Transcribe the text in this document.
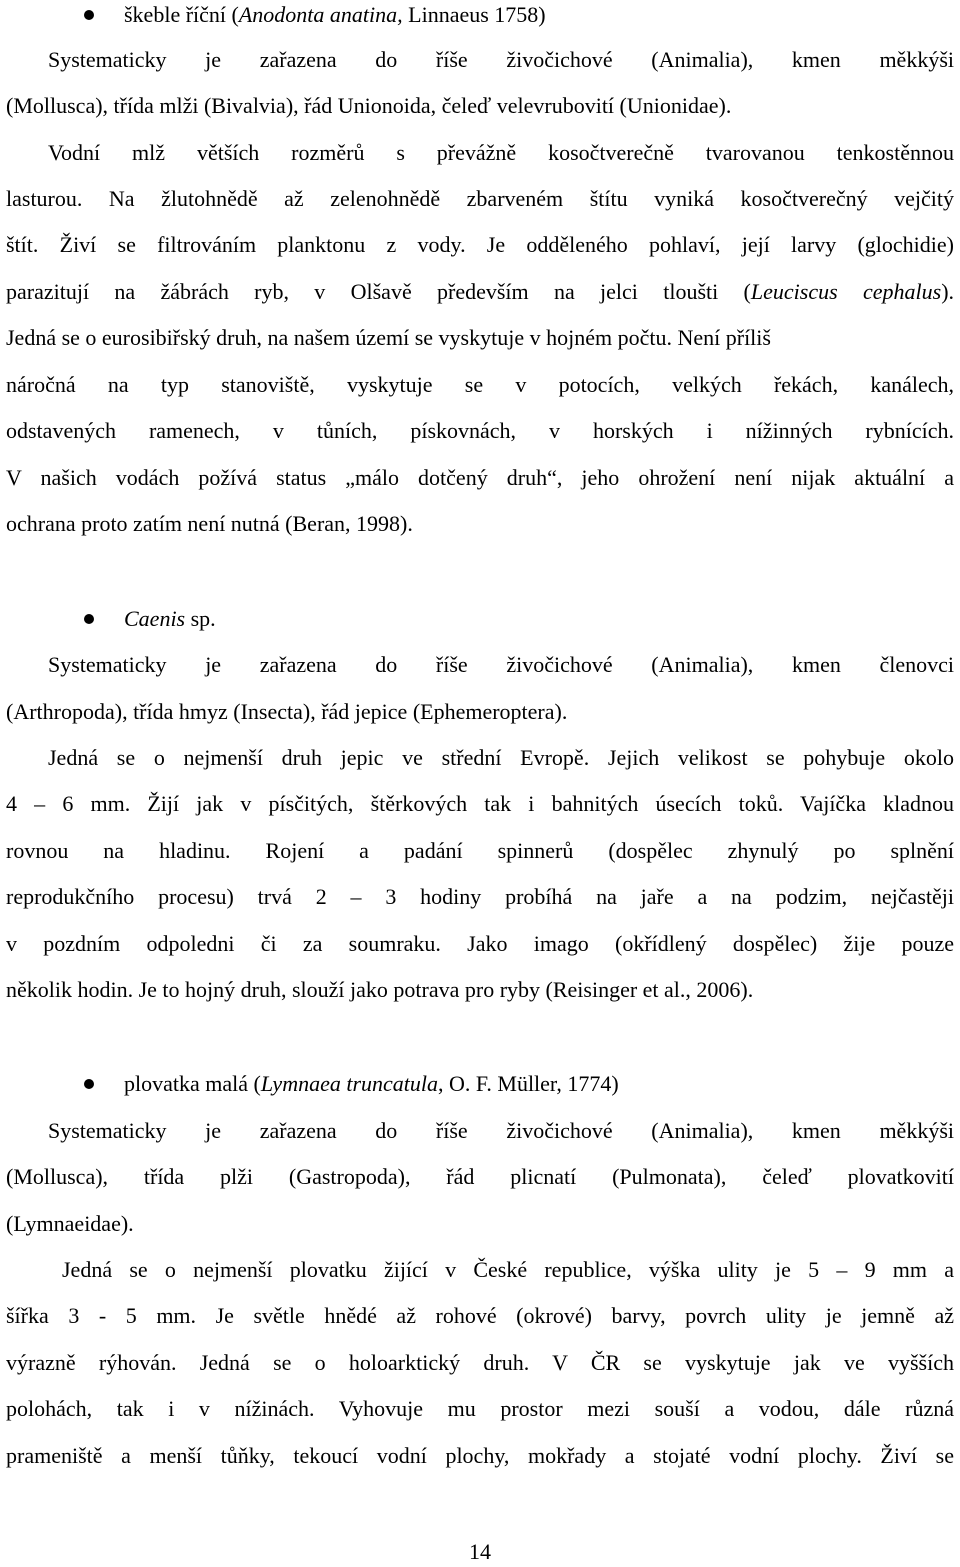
škeble říční (Anodonta anatina, Linnaeus 1758)
Systematicky je zařazena do říše živočichové (Animalia), kmen měkkýši
(Mollusca), třída mlži (Bivalvia), řád Unionoida, čeleď velevrubovití (Unionidae).
Vodní mlž větších rozměrů s převážně kosočtverečně tvarovanou tenkostěnnou
lasturou. Na žlutohnědě až zelenohnědě zbarveném štítu vyniká kosočtverečný vejčitý
štít. Živí se filtrováním planktonu z vody. Je odděleného pohlaví, její larvy (glochidie)
parazitují na žábrách ryb, v Olšavě především na jelci tloušti (Leuciscus cephalus).
Jedná se o eurosibiřský druh, na našem území se vyskytuje v hojném počtu. Není příliš
náročná na typ stanoviště, vyskytuje se v potocích, velkých řekách, kanálech,
odstavených ramenech, v tůních, pískovnách, v horských i nížinných rybnících.
V našich vodách požívá status „málo dotčený druh“, jeho ohrožení není nijak aktuální a
ochrana proto zatím není nutná (Beran, 1998).
Caenis sp.
Systematicky je zařazena do říše živočichové (Animalia), kmen členovci
(Arthropoda), třída hmyz (Insecta), řád jepice (Ephemeroptera).
Jedná se o nejmenší druh jepic ve střední Evropě. Jejich velikost se pohybuje okolo
4 – 6 mm. Žijí jak v písčitých, štěrkových tak i bahnitých úsecích toků. Vajíčka kladnou
rovnou na hladinu. Rojení a padání spinnerů (dospělec zhynulý po splnění
reprodukčního procesu) trvá 2 – 3 hodiny probíhá na jaře a na podzim, nejčastěji
v pozdním odpoledni či za soumraku. Jako imago (okřídlený dospělec) žije pouze
několik hodin. Je to hojný druh, slouží jako potrava pro ryby (Reisinger et al., 2006).
plovatka malá (Lymnaea truncatula, O. F. Müller, 1774)
Systematicky je zařazena do říše živočichové (Animalia), kmen měkkýši
(Mollusca), třída plži (Gastropoda), řád plicnatí (Pulmonata), čeleď plovatkovití
(Lymnaeidae).
Jedná se o nejmenší plovatku žijící v České republice, výška ulity je 5 – 9 mm a
šířka 3 - 5 mm. Je světle hnědé až rohové (okrové) barvy, povrch ulity je jemně až
výrazně rýhován. Jedná se o holoarktický druh. V ČR se vyskytuje jak ve vyšších
polohách, tak i v nížinách. Vyhovuje mu prostor mezi souší a vodou, dále různá
prameniště a menší tůňky, tekoucí vodní plochy, mokřady a stojaté vodní plochy. Živí se
14
